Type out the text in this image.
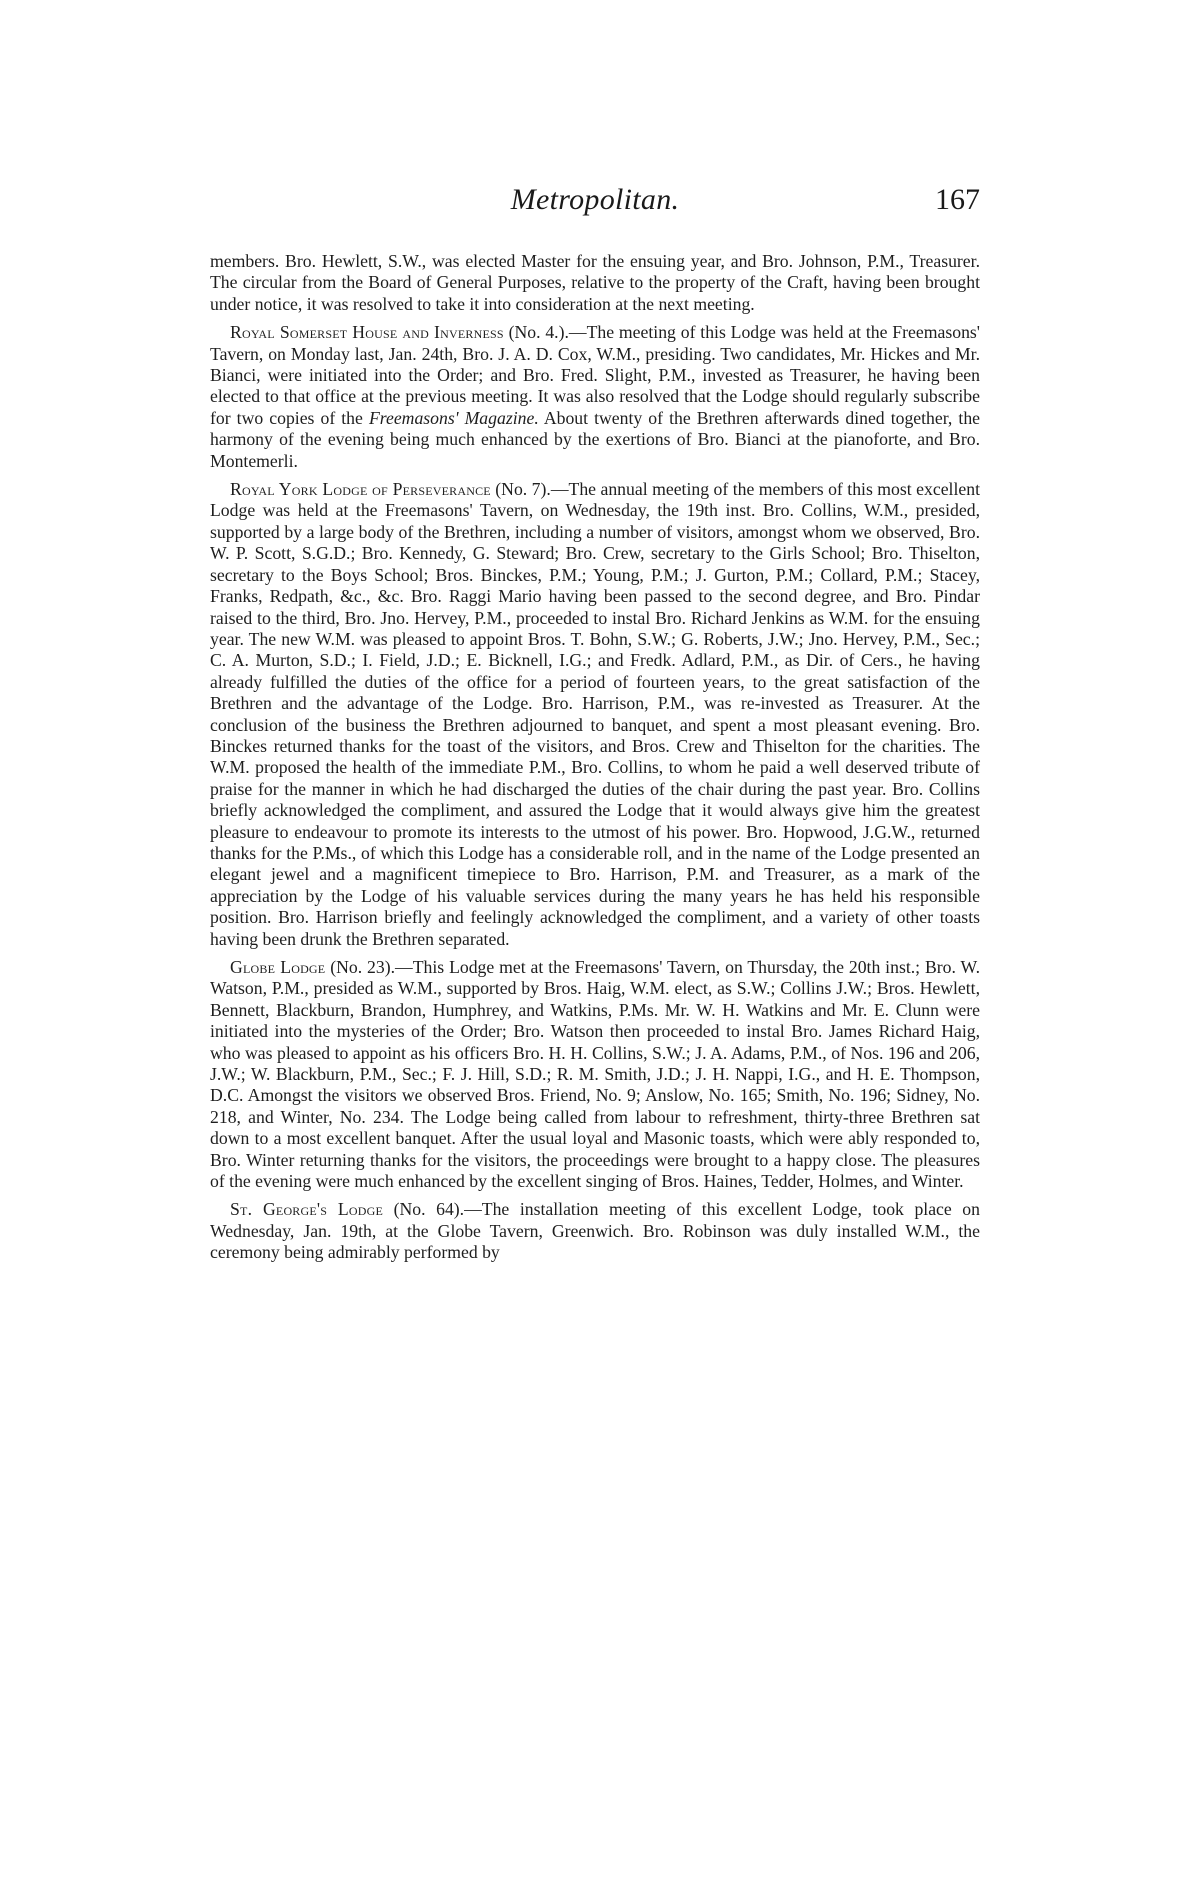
Metropolitan.	167

members. Bro. Hewlett, S.W., was elected Master for the ensuing year, and Bro. Johnson, P.M., Treasurer. The circular from the Board of General Purposes, relative to the property of the Craft, having been brought under notice, it was resolved to take it into consideration at the next meeting.

Royal Somerset House and Inverness (No. 4.).—The meeting of this Lodge was held at the Freemasons' Tavern, on Monday last, Jan. 24th, Bro. J. A. D. Cox, W.M., presiding. Two candidates, Mr. Hickes and Mr. Bianci, were initiated into the Order; and Bro. Fred. Slight, P.M., invested as Treasurer, he having been elected to that office at the previous meeting. It was also resolved that the Lodge should regularly subscribe for two copies of the Freemasons' Magazine. About twenty of the Brethren afterwards dined together, the harmony of the evening being much enhanced by the exertions of Bro. Bianci at the pianoforte, and Bro. Montemerli.

Royal York Lodge of Perseverance (No. 7).—The annual meeting of the members of this most excellent Lodge was held at the Freemasons' Tavern, on Wednesday, the 19th inst. Bro. Collins, W.M., presided, supported by a large body of the Brethren, including a number of visitors, amongst whom we observed, Bro. W. P. Scott, S.G.D.; Bro. Kennedy, G. Steward; Bro. Crew, secretary to the Girls School; Bro. Thiselton, secretary to the Boys School; Bros. Binckes, P.M.; Young, P.M.; J. Gurton, P.M.; Collard, P.M.; Stacey, Franks, Redpath, &c., &c. Bro. Raggi Mario having been passed to the second degree, and Bro. Pindar raised to the third, Bro. Jno. Hervey, P.M., proceeded to instal Bro. Richard Jenkins as W.M. for the ensuing year. The new W.M. was pleased to appoint Bros. T. Bohn, S.W.; G. Roberts, J.W.; Jno. Hervey, P.M., Sec.; C. A. Murton, S.D.; I. Field, J.D.; E. Bicknell, I.G.; and Fredk. Adlard, P.M., as Dir. of Cers., he having already fulfilled the duties of the office for a period of fourteen years, to the great satisfaction of the Brethren and the advantage of the Lodge. Bro. Harrison, P.M., was re-invested as Treasurer. At the conclusion of the business the Brethren adjourned to banquet, and spent a most pleasant evening. Bro. Binckes returned thanks for the toast of the visitors, and Bros. Crew and Thiselton for the charities. The W.M. proposed the health of the immediate P.M., Bro. Collins, to whom he paid a well deserved tribute of praise for the manner in which he had discharged the duties of the chair during the past year. Bro. Collins briefly acknowledged the compliment, and assured the Lodge that it would always give him the greatest pleasure to endeavour to promote its interests to the utmost of his power. Bro. Hopwood, J.G.W., returned thanks for the P.Ms., of which this Lodge has a considerable roll, and in the name of the Lodge presented an elegant jewel and a magnificent timepiece to Bro. Harrison, P.M. and Treasurer, as a mark of the appreciation by the Lodge of his valuable services during the many years he has held his responsible position. Bro. Harrison briefly and feelingly acknowledged the compliment, and a variety of other toasts having been drunk the Brethren separated.

Globe Lodge (No. 23).—This Lodge met at the Freemasons' Tavern, on Thursday, the 20th inst.; Bro. W. Watson, P.M., presided as W.M., supported by Bros. Haig, W.M. elect, as S.W.; Collins J.W.; Bros. Hewlett, Bennett, Blackburn, Brandon, Humphrey, and Watkins, P.Ms. Mr. W. H. Watkins and Mr. E. Clunn were initiated into the mysteries of the Order; Bro. Watson then proceeded to instal Bro. James Richard Haig, who was pleased to appoint as his officers Bro. H. H. Collins, S.W.; J. A. Adams, P.M., of Nos. 196 and 206, J.W.; W. Blackburn, P.M., Sec.; F. J. Hill, S.D.; R. M. Smith, J.D.; J. H. Nappi, I.G., and H. E. Thompson, D.C. Amongst the visitors we observed Bros. Friend, No. 9; Anslow, No. 165; Smith, No. 196; Sidney, No. 218, and Winter, No. 234. The Lodge being called from labour to refreshment, thirty-three Brethren sat down to a most excellent banquet. After the usual loyal and Masonic toasts, which were ably responded to, Bro. Winter returning thanks for the visitors, the proceedings were brought to a happy close. The pleasures of the evening were much enhanced by the excellent singing of Bros. Haines, Tedder, Holmes, and Winter.

St. George's Lodge (No. 64).—The installation meeting of this excellent Lodge, took place on Wednesday, Jan. 19th, at the Globe Tavern, Greenwich. Bro. Robinson was duly installed W.M., the ceremony being admirably performed by
